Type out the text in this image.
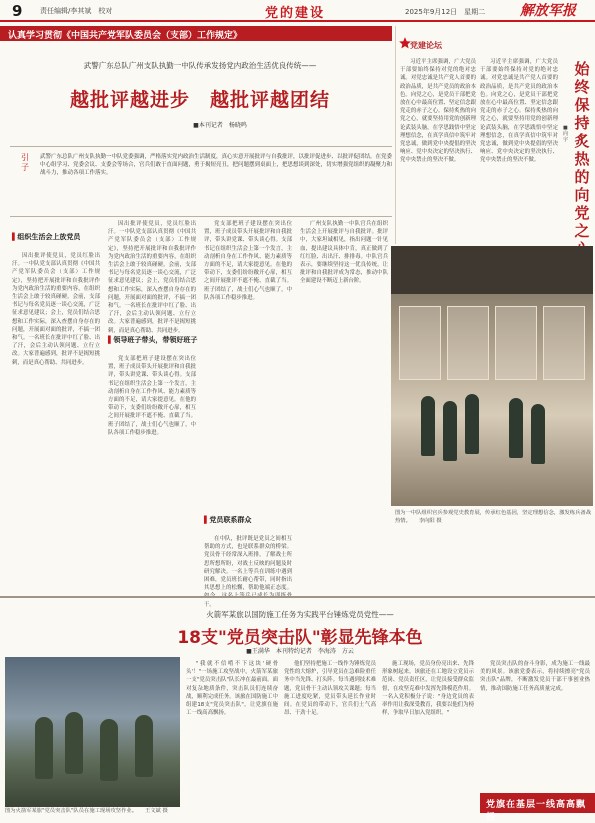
9	责任编辑/李其斌　校对	党的建设	2025年9月12日　星期二 解放军报
认真学习贯彻《中国共产党军队委员会（支部）工作规定》
武警广东总队广州支队执勤一中队传承发扬党内政治生活优良传统——
越批评越进步　越批评越团结
■本刊记者　杨晓鸣
引子
武警广东总队广州支队执勤一中队党委强调，严格落实党内政治生活制度，真心实意开展批评与自我批评，以批评促进步、以批评促团结。在党委中心组学习、党委会议、支委会等场合，官兵们敢于直面问题，勇于揭短亮丑，把问题摆到桌面上，把思想谈到深处，切实增强党组织的凝聚力和战斗力，推动各项工作落实。
▌组织生活会上放党员
因出批评使党员，党员红脸出汗。一中队党支部认真贯彻《中国共产党军队委员会（支部）工作规定》，坚持把开展批评和自我批评作为党内政治生活的重要内容，在组织生活会上敢于较真碰硬。会前，支部书记与每名党员逐一谈心交流，广泛征求意见建议；会上，党员们结合思想和工作实际，深入查摆自身存在的问题，开展面对面的批评，不搞一团和气。一名班长在批评中红了脸、出了汗，会后主动认领问题、立行立改。大家普遍感到，批评不是揭短挑刺，而是真心帮助、共同进步。
▌领导班子带头，带领好班子
因出批评使党员，党员红脸出汗。一中队党支部认真贯彻《中国共产党军队委员会（支部）工作规定》，坚持把开展批评和自我批评作为党内政治生活的重要内容，在组织生活会上敢于较真碰硬。会前，支部书记与每名党员逐一谈心交流，广泛征求意见建议；会上，党员们结合思想和工作实际，深入查摆自身存在的问题，开展面对面的批评，不搞一团和气。一名班长在批评中红了脸、出了汗，会后主动认领问题、立行立改。大家普遍感到，批评不是揭短挑刺，而是真心帮助、共同进步。
党支部把班子建设摆在突出位置，班子成员带头开展批评和自我批评，带头讲党课、带头谈心得。支部书记在组织生活会上第一个发言，主动剖析自身在工作作风、能力素质等方面的不足，请大家提意见。在他的带动下，支委们纷纷敞开心扉，相互之间开展批评不遮不掩、直截了当。班子团结了，战士们心气也顺了，中队各项工作稳步推进。
党支部把班子建设摆在突出位置，班子成员带头开展批评和自我批评，带头讲党课、带头谈心得。支部书记在组织生活会上第一个发言，主动剖析自身在工作作风、能力素质等方面的不足，请大家提意见。在他的带动下，支委们纷纷敞开心扉，相互之间开展批评不遮不掩、直截了当。班子团结了，战士们心气也顺了，中队各项工作稳步推进。
▌党员联系群众
在中队，批评既是党员之间相互帮助的方式，也是联系群众的桥梁。党员骨干经常深入班排，了解战士所思所想所盼，对战士反映的问题及时研究解决。一名上等兵在训练中遇到困难，党员班长耐心帮带，同时指出其思想上的松懈，帮助他端正态度。 干。
广州支队执勤一中队官兵在组织生活会上开展批评与自我批评。批评中，大家坦诚相见，指出问题一针见血，提出建议具体中肯，真正做到了红红脸、出出汗、排排毒。中队官兵表示，要继续坚持这一优良传统，让批评和自我批评成为常态，推动中队全面建设不断迈上新台阶。
党建论坛
习近平主席强调，广大党员干部要始终保持对党的绝对忠诚。对党忠诚是共产党人首要的政治品质，是共产党员的政治本色。向党之心，是党员干部把党放在心中最高位置、坚定信念跟党走的赤子之心。保持炙热的向党之心，就要坚持用党的创新理论武装头脑，在学思践悟中坚定理想信念，在真学真信中筑牢对党忠诚，做到党中央提倡的坚决响应、党中央决定的坚决执行、党中央禁止的坚决不做。
习近平主席强调，广大党员干部要始终保持对党的绝对忠诚。对党忠诚是共产党人首要的政治品质，是共产党员的政治本色。向党之心，是党员干部把党放在心中最高位置、坚定信念跟党走的赤子之心。保持炙热的向党之心，就要坚持用党的创新理论武装头脑，在学思践悟中坚定理想信念，在真学真信中筑牢对党忠诚，做到党中央提倡的坚决响应、党中央决定的坚决执行、党中央禁止的坚决不做。
始终保持炙热的向党之
■向宇
图为一中队组织官兵参观党史教育展，传承红色基因，坚定理想信念，激发练兵备战热情。　　李向阳 摄
火箭军某旅以国防施工任务为实践平台锤炼党员党性——
18支"党员突击队"彰显先锋本色
■王满华　本刊特约记者　李海涛　方云
图为火箭军某旅"党员突击队"队员在施工现场攻坚作业。　　王文斌 摄
"我就不信啃不下这块'硬骨头'！"一场施工攻坚战中，火箭军某旅一支"党员突击队"队长冲在最前面。面对复杂地质条件，突击队员们连续奋战，顺利完成任务。该旅在国防施工中组建18支"党员突击队"，让党旗在施工一线高高飘扬。
他们坚持把施工一线作为锤炼党员党性的大熔炉，引导党员在急难险重任务中当先锋、打头阵。每当遇到技术难题，党员骨干主动认领攻关课题；每当施工进度吃紧，党员带头延长作业时间。在党员的带动下，官兵们士气高昂、干劲十足。
施工现场，党员身份亮出来、先锋形象树起来。该旅还在工地设立党员示范岗、党员责任区，让党员接受群众监督，在攻坚克难中发挥先锋模范作用。一名入党积极分子说："身边党员的表率作用让我深受教育，我要以他们为榜样，争取早日加入党组织。"
党员突击队的奋斗身影，成为施工一线最美的风景。该旅党委表示，将持续擦亮"党员突击队"品牌，不断激发党员干部干事创业热情，推动国防施工任务高质量完成。
党旗在基层一线高高飘扬
